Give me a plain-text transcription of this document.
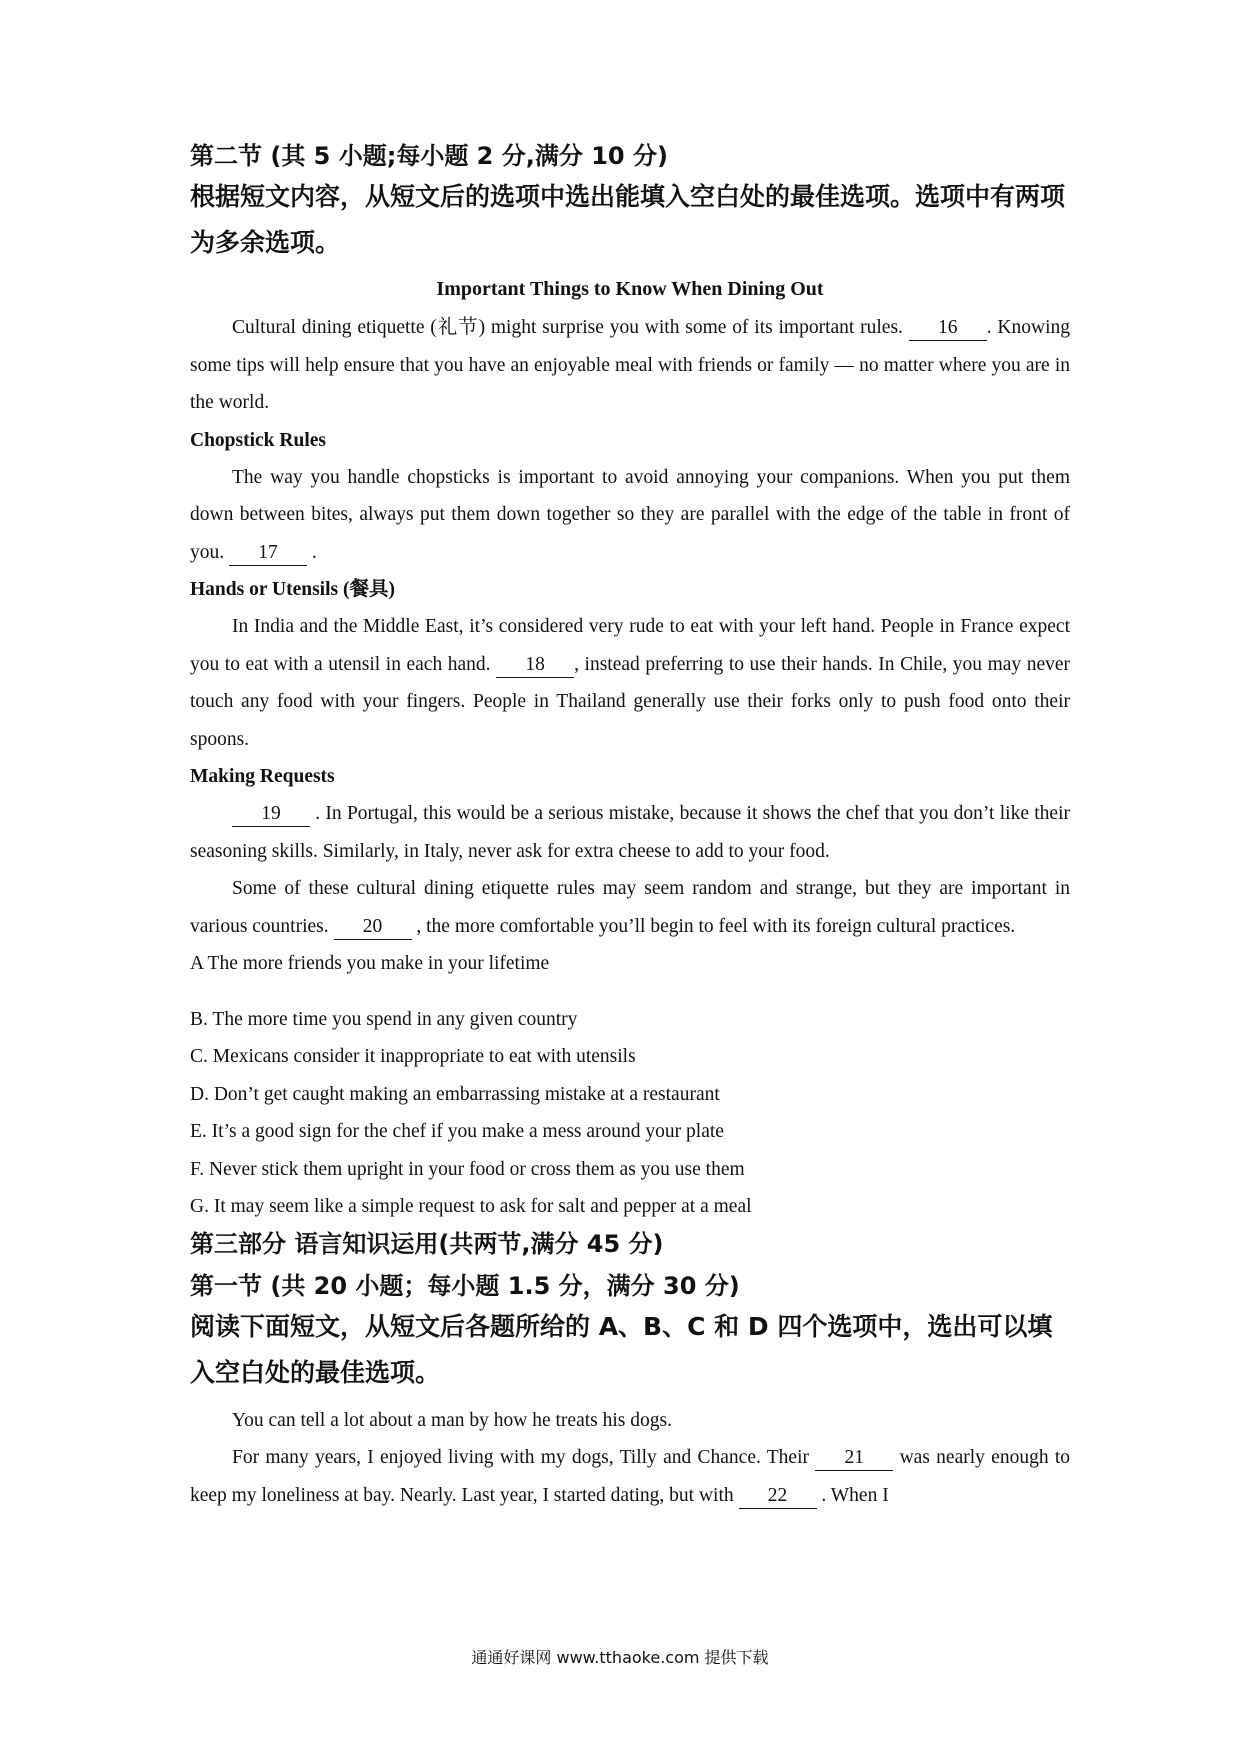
第二节 (其 5 小题;每小题 2 分,满分 10 分)

根据短文内容，从短文后的选项中选出能填入空白处的最佳选项。选项中有两项为多余选项。

Important Things to Know When Dining Out

Cultural dining etiquette (礼节) might surprise you with some of its important rules. 16 . Knowing some tips will help ensure that you have an enjoyable meal with friends or family — no matter where you are in the world.

Chopstick Rules

The way you handle chopsticks is important to avoid annoying your companions. When you put them down between bites, always put them down together so they are parallel with the edge of the table in front of you. 17 .

Hands or Utensils (餐具)

In India and the Middle East, it’s considered very rude to eat with your left hand. People in France expect you to eat with a utensil in each hand. 18 , instead preferring to use their hands. In Chile, you may never touch any food with your fingers. People in Thailand generally use their forks only to push food onto their spoons.

Making Requests

19 . In Portugal, this would be a serious mistake, because it shows the chef that you don’t like their seasoning skills. Similarly, in Italy, never ask for extra cheese to add to your food.

Some of these cultural dining etiquette rules may seem random and strange, but they are important in various countries. 20 , the more comfortable you’ll begin to feel with its foreign cultural practices.

A The more friends you make in your lifetime

B. The more time you spend in any given country

C. Mexicans consider it inappropriate to eat with utensils

D. Don’t get caught making an embarrassing mistake at a restaurant

E. It’s a good sign for the chef if you make a mess around your plate

F. Never stick them upright in your food or cross them as you use them

G. It may seem like a simple request to ask for salt and pepper at a meal

第三部分 语言知识运用(共两节,满分 45 分)

第一节 (共 20 小题；每小题 1.5 分，满分 30 分)

阅读下面短文，从短文后各题所给的 A、B、C 和 D 四个选项中，选出可以填入空白处的最佳选项。

You can tell a lot about a man by how he treats his dogs.

For many years, I enjoyed living with my dogs, Tilly and Chance. Their 21 was nearly enough to keep my loneliness at bay. Nearly. Last year, I started dating, but with 22 . When I

通通好课网 www.tthaoke.com 提供下载
